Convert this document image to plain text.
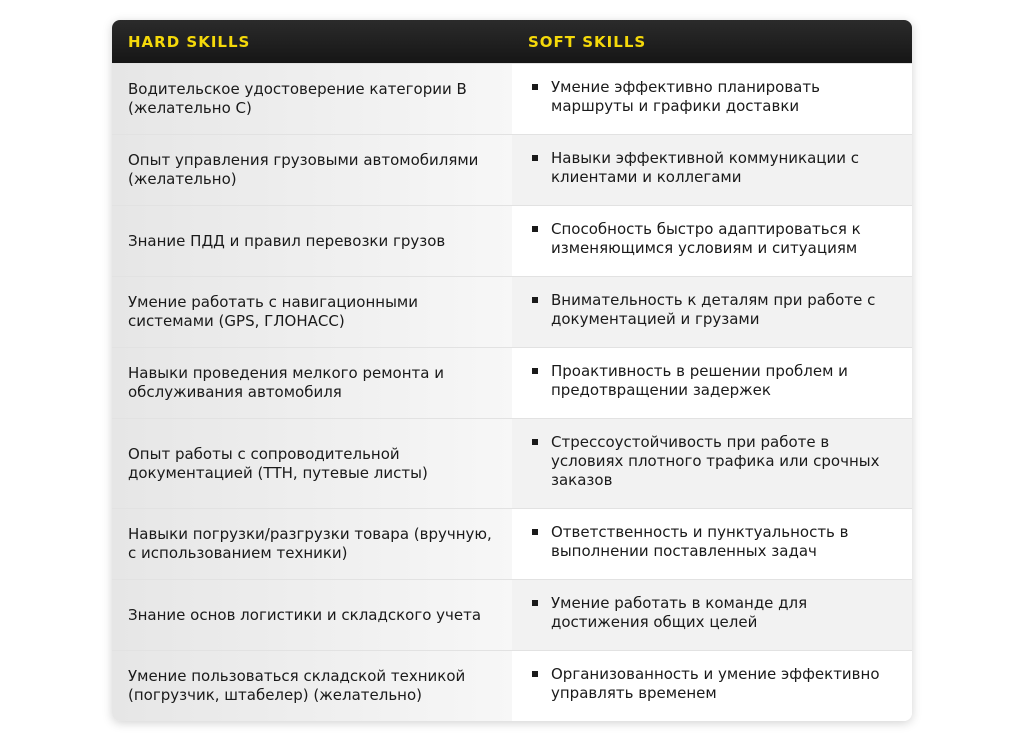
HARD SKILLS	SOFT SKILLS
Водительское удостоверение категории B (желательно C)
Умение эффективно планировать маршруты и графики доставки
Опыт управления грузовыми автомобилями (желательно)
Навыки эффективной коммуникации с клиентами и коллегами
Знание ПДД и правил перевозки грузов
Способность быстро адаптироваться к изменяющимся условиям и ситуациям
Умение работать с навигационными системами (GPS, ГЛОНАСС)
Внимательность к деталям при работе с документацией и грузами
Навыки проведения мелкого ремонта и обслуживания автомобиля
Проактивность в решении проблем и предотвращении задержек
Опыт работы с сопроводительной документацией (ТТН, путевые листы)
Стрессоустойчивость при работе в условиях плотного трафика или срочных заказов
Навыки погрузки/разгрузки товара (вручную, с использованием техники)
Ответственность и пунктуальность в выполнении поставленных задач
Знание основ логистики и складского учета
Умение работать в команде для достижения общих целей
Умение пользоваться складской техникой (погрузчик, штабелер) (желательно)
Организованность и умение эффективно управлять временем
